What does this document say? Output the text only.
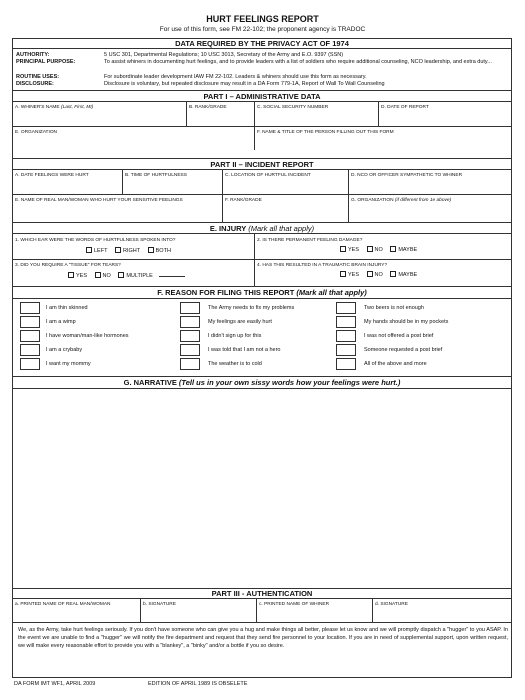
HURT FEELINGS REPORT
For use of this form, see FM 22-102; the proponent agency is TRADOC
DATA REQUIRED BY THE PRIVACY ACT OF 1974
AUTHORITY:	5 USC 301, Departmental Regulations; 10 USC 3013, Secretary of the Army and E.O. 9397 (SSN)
PRINCIPAL PURPOSE:	To assist whiners in documenting hurt feelings, and to provide leaders with a list of soldiers who require additional counseling, NCO leadership, and extra duty...
ROUTINE USES:	For subordinate leader development IAW FM 22-102. Leaders & whiners should use this form as necessary.
DISCLOSURE:	Disclosure is voluntary, but repeated disclosure may result in a DA Form 779-1A, Report of Wall To Wall Counseling
PART I – ADMINISTRATIVE DATA
A. WHINER'S NAME (Last, First, MI)	B. RANK/GRADE	C. SOCIAL SECURITY NUMBER	D. DATE OF REPORT
E. ORGANIZATION	F. NAME & TITLE OF THE PERSON FILLING OUT THIS FORM
PART II – INCIDENT REPORT
A. DATE FEELINGS WERE HURT	B. TIME OF HURTFULNESS	C. LOCATION OF HURTFUL INCIDENT	D. NCO OR OFFICER SYMPATHETIC TO WHINER
E. NAME OF REAL MAN/WOMAN WHO HURT YOUR SENSITIVE FEELINGS	F. RANK/GRADE	G. ORGANIZATION (if different from 1e above)
E. INJURY (Mark all that apply)
1. WHICH EAR WERE THE WORDS OF HURTFULNESS SPOKEN INTO?
LEFT	RIGHT	BOTH
2. IS THERE PERMANENT FEELING DAMAGE?
YES	NO	MAYBE
3. DID YOU REQUIRE A "TISSUE" FOR TEARS?
YES	NO	MULTIPLE
4. HAS THIS RESULTED IN A TRAUMATIC BRAIN INJURY?
YES	NO	MAYBE
F. REASON FOR FILING THIS REPORT (Mark all that apply)
I am thin skinned
I am a wimp
I have woman/man-like hormones
I am a crybaby
I want my mommy
The Army needs to fix my problems
My feelings are easily hurt
I didn't sign up for this
I was told that I am not a hero
The weather is to cold
Two beers is not enough
My hands should be in my pockets
I was not offered a post brief
Someone requested a post brief
All of the above and more
G. NARRATIVE (Tell us in your own sissy words how your feelings were hurt.)
PART III - AUTHENTICATION
a. PRINTED NAME OF REAL MAN/WOMAN	b. SIGNATURE	c. PRINTED NAME OF WHINER	d. SIGNATURE
We, as the Army, take hurt feelings seriously. If you don't have someone who can give you a hug and make things all better, please let us know and we will promptly dispatch a "hugger" to you ASAP. In the event we are unable to find a "hugger" we will notify the fire department and request that they send fire personnel to your location. If you are in need of supplemental support, upon written request, we will make every reasonable effort to provide you with a "blankey", a "binky" and/or a bottle if you so desire.
DA FORM IMT WF1, APRIL 2009	EDITION OF APRIL 1989 IS OBSELETE
